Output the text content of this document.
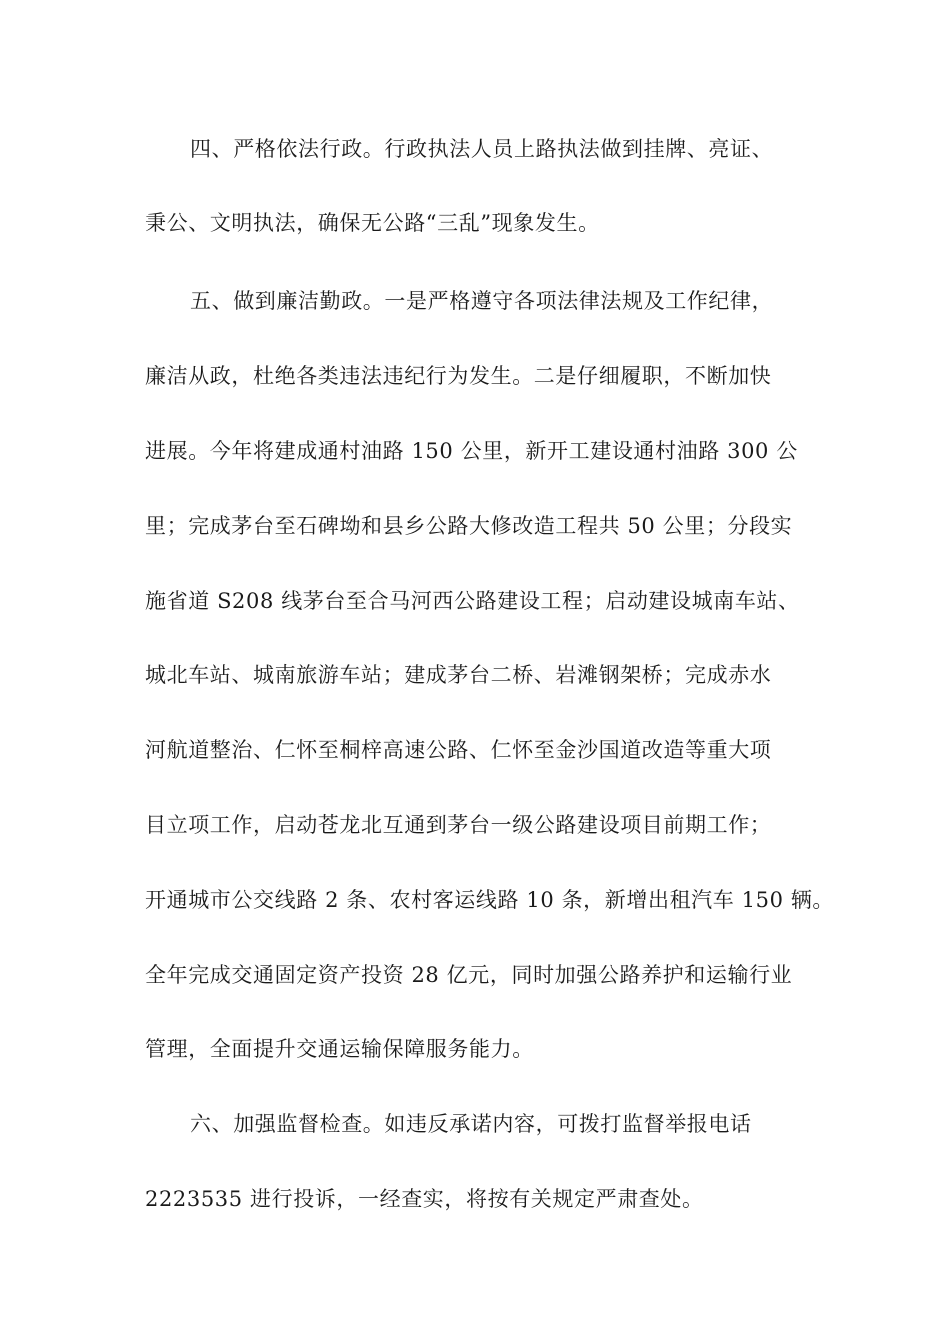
四、严格依法行政。行政执法人员上路执法做到挂牌、亮证、
秉公、文明执法，确保无公路“三乱”现象发生。
五、做到廉洁勤政。一是严格遵守各项法律法规及工作纪律，
廉洁从政，杜绝各类违法违纪行为发生。二是仔细履职，不断加快
进展。今年将建成通村油路 150 公里，新开工建设通村油路 300 公
里；完成茅台至石碑坳和县乡公路大修改造工程共 50 公里；分段实
施省道 S208 线茅台至合马河西公路建设工程；启动建设城南车站、
城北车站、城南旅游车站；建成茅台二桥、岩滩钢架桥；完成赤水
河航道整治、仁怀至桐梓高速公路、仁怀至金沙国道改造等重大项
目立项工作，启动苍龙北互通到茅台一级公路建设项目前期工作；
开通城市公交线路 2 条、农村客运线路 10 条，新增出租汽车 150 辆。
全年完成交通固定资产投资 28 亿元，同时加强公路养护和运输行业
管理，全面提升交通运输保障服务能力。
六、加强监督检查。如违反承诺内容，可拨打监督举报电话
2223535 进行投诉，一经查实，将按有关规定严肃查处。
